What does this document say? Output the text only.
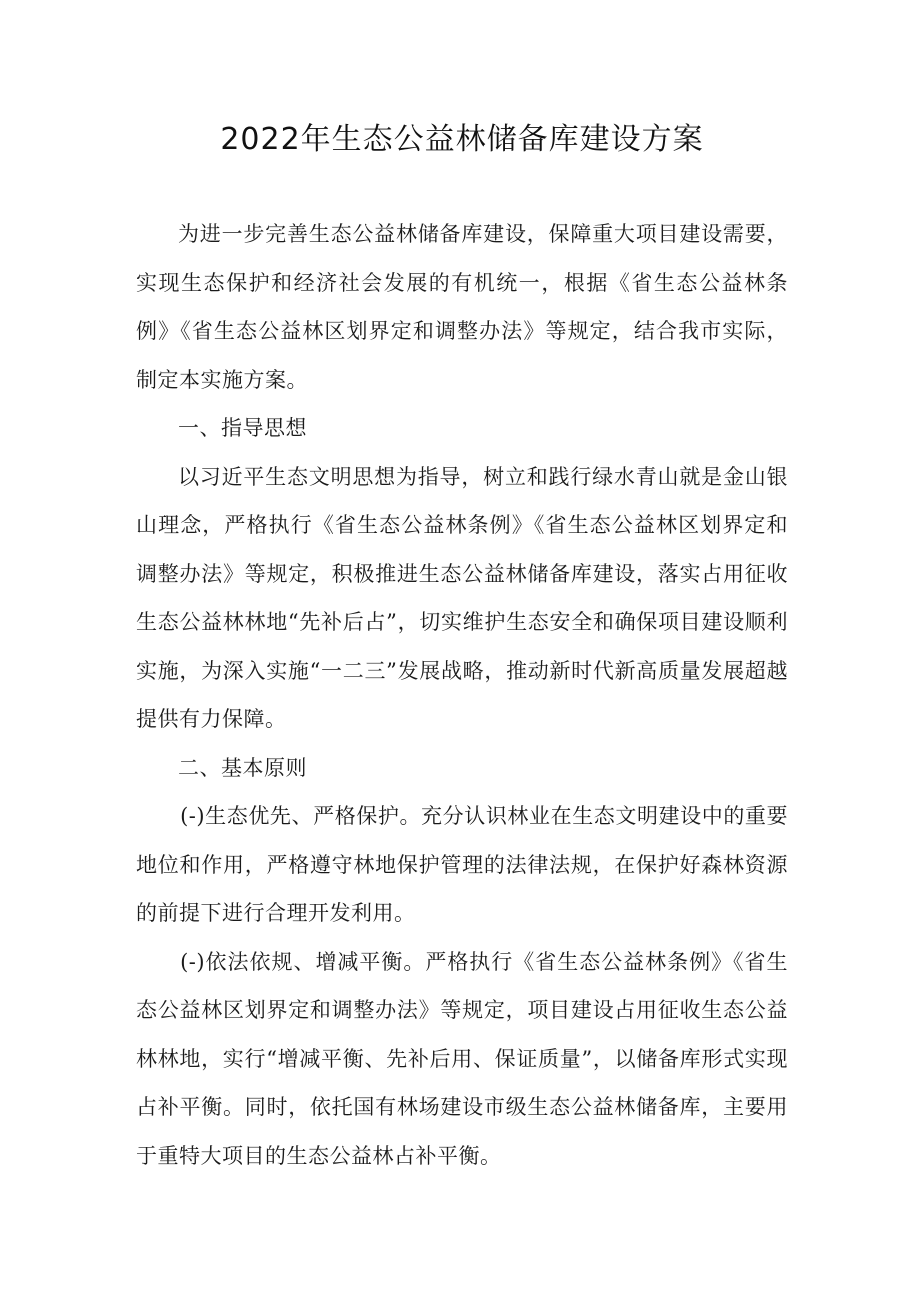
2022年生态公益林储备库建设方案

为进一步完善生态公益林储备库建设，保障重大项目建设需要，实现生态保护和经济社会发展的有机统一，根据《省生态公益林条例》《省生态公益林区划界定和调整办法》等规定，结合我市实际，制定本实施方案。

一、指导思想

以习近平生态文明思想为指导，树立和践行绿水青山就是金山银山理念，严格执行《省生态公益林条例》《省生态公益林区划界定和调整办法》等规定，积极推进生态公益林储备库建设，落实占用征收生态公益林林地“先补后占”，切实维护生态安全和确保项目建设顺利实施，为深入实施“一二三”发展战略，推动新时代新高质量发展超越提供有力保障。

二、基本原则

(-)生态优先、严格保护。充分认识林业在生态文明建设中的重要地位和作用，严格遵守林地保护管理的法律法规，在保护好森林资源的前提下进行合理开发利用。

(-)依法依规、增减平衡。严格执行《省生态公益林条例》《省生态公益林区划界定和调整办法》等规定，项目建设占用征收生态公益林林地，实行“增减平衡、先补后用、保证质量”，以储备库形式实现占补平衡。同时，依托国有林场建设市级生态公益林储备库，主要用于重特大项目的生态公益林占补平衡。
